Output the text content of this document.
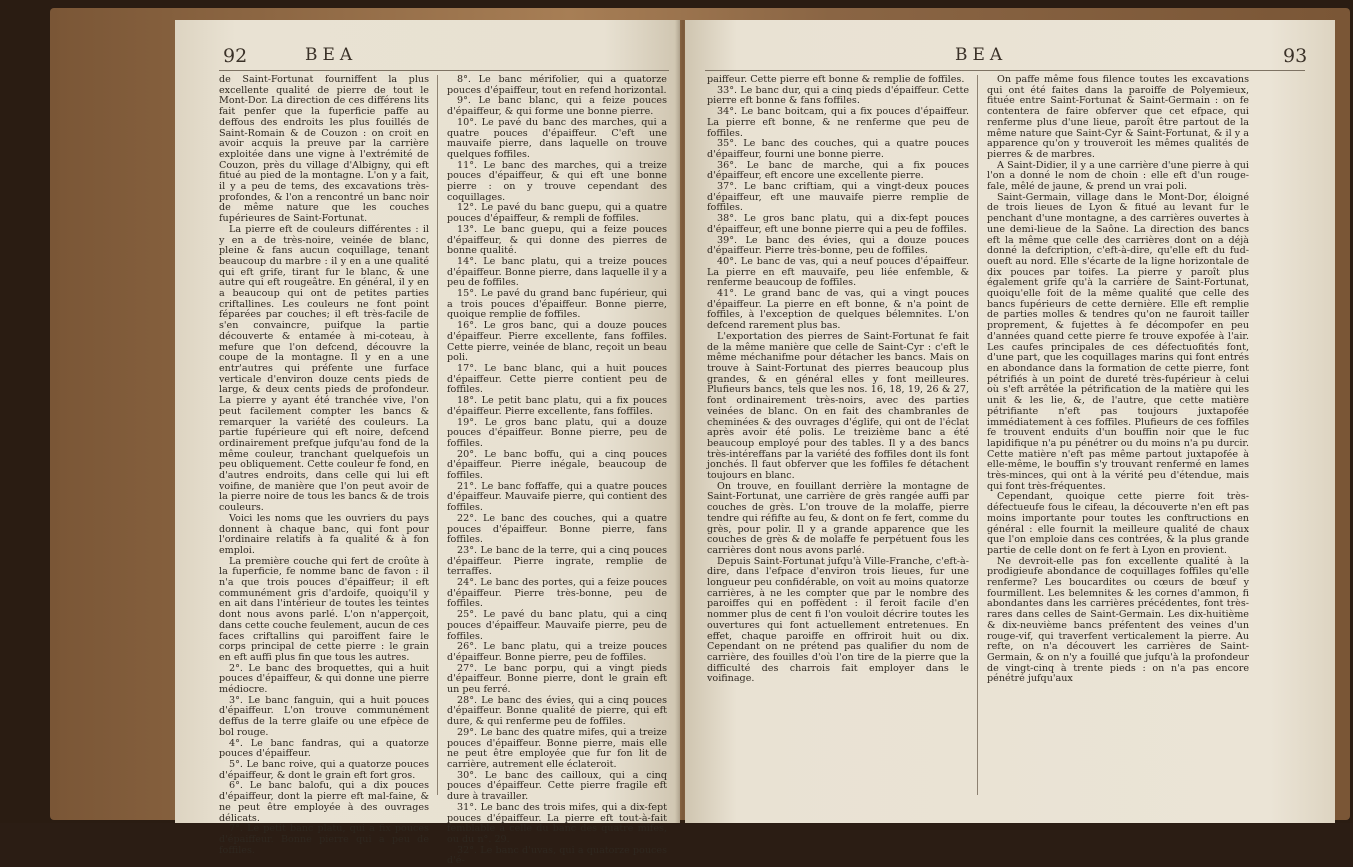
92	BEA

de Saint-Fortunat fourniffent la plus excellente qualité de pierre de tout le Mont-Dor. La direction de ces différens lits fait penfer que la fuperficie paffe au deffous des endroits les plus fouillés de Saint-Romain & de Couzon : on croit en avoir acquis la preuve par la carrière exploitée dans une vigne à l'extrémité de Couzon, près du village d'Albigny, qui eft fitué au pied de la montagne. L'on y a fait, il y a peu de tems, des excavations très-profondes, & l'on a rencontré un banc noir de même nature que les couches fupérieures de Saint-Fortunat.

La pierre eft de couleurs différentes : il y en a de très-noire, veinée de blanc, pleine & fans aucun coquillage, tenant beaucoup du marbre : il y en a une qualité qui eft grife, tirant fur le blanc, & une autre qui eft rougeâtre. En général, il y en a beaucoup qui ont de petites parties criftallines. Les couleurs ne font point féparées par couches; il eft très-facile de s'en convaincre, puifque la partie découverte & entamée à mi-coteau, à mefure que l'on defcend, découvre la coupe de la montagne. Il y en a une entr'autres qui préfente une furface verticale d'environ douze cents pieds de large, & deux cents pieds de profondeur. La pierre y ayant été tranchée vive, l'on peut facilement compter les bancs & remarquer la variété des couleurs. La partie fupérieure qui eft noire, defcend ordinairement prefque jufqu'au fond de la même couleur, tranchant quelquefois un peu obliquement. Cette couleur fe fond, en d'autres endroits, dans celle qui lui eft voifine, de manière que l'on peut avoir de la pierre noire de tous les bancs & de trois couleurs.

Voici les noms que les ouvriers du pays donnent à chaque banc, qui font pour l'ordinaire relatifs à fa qualité & à fon emploi.

La première couche qui fert de croûte à la fuperficie, fe nomme banc de favon : il n'a que trois pouces d'épaiffeur; il eft communément gris d'ardoife, quoiqu'il y en ait dans l'intérieur de toutes les teintes dont nous avons parlé. L'on n'apperçoit, dans cette couche feulement, aucun de ces faces criftallins qui paroiffent faire le corps principal de cette pierre : le grain en eft auffi plus fin que tous les autres.

2°. Le banc des broquettes, qui a huit pouces d'épaiffeur, & qui donne une pierre médiocre.

3°. Le banc fanguin, qui a huit pouces d'épaiffeur. L'on trouve communément deffus de la terre glaife ou une efpèce de bol rouge.

4°. Le banc fandras, qui a quatorze pouces d'épaiffeur.

5°. Le banc roive, qui a quatorze pouces d'épaiffeur, & dont le grain eft fort gros.

6°. Le banc balofu, qui a dix pouces d'épaiffeur, dont la pierre eft mal-faine, & ne peut être employée à des ouvrages délicats.

7°. Le petit banc platu, qui a fix pouces d'épaiffeur. Bonne pierre qui a peu de foffiles.

8°. Le banc mérifolier, qui a quatorze pouces d'épaiffeur, tout en refend horizontal.

9°. Le banc blanc, qui a feize pouces d'épaiffeur, & qui forme une bonne pierre.

10°. Le pavé du banc des marches, qui a quatre pouces d'épaiffeur. C'eft une mauvaife pierre, dans laquelle on trouve quelques foffiles.

11°. Le banc des marches, qui a treize pouces d'épaiffeur, & qui eft une bonne pierre : on y trouve cependant des coquillages.

12°. Le pavé du banc guepu, qui a quatre pouces d'épaiffeur, & rempli de foffiles.

13°. Le banc guepu, qui a feize pouces d'épaiffeur, & qui donne des pierres de bonne qualité.

14°. Le banc platu, qui a treize pouces d'épaiffeur. Bonne pierre, dans laquelle il y a peu de foffiles.

15°. Le pavé du grand banc fupérieur, qui a trois pouces d'épaiffeur. Bonne pierre, quoique remplie de foffiles.

16°. Le gros banc, qui a douze pouces d'épaiffeur. Pierre excellente, fans foffiles. Cette pierre, veinée de blanc, reçoit un beau poli.

17°. Le banc blanc, qui a huit pouces d'épaiffeur. Cette pierre contient peu de foffiles.

18°. Le petit banc platu, qui a fix pouces d'épaiffeur. Pierre excellente, fans foffiles.

19°. Le gros banc platu, qui a douze pouces d'épaiffeur. Bonne pierre, peu de foffiles.

20°. Le banc boffu, qui a cinq pouces d'épaiffeur. Pierre inégale, beaucoup de foffiles.

21°. Le banc foffaffe, qui a quatre pouces d'épaiffeur. Mauvaife pierre, qui contient des foffiles.

22°. Le banc des couches, qui a quatre pouces d'épaiffeur. Bonne pierre, fans foffiles.

23°. Le banc de la terre, qui a cinq pouces d'épaiffeur. Pierre ingrate, remplie de terraffes.

24°. Le banc des portes, qui a feize pouces d'épaiffeur. Pierre très-bonne, peu de foffiles.

25°. Le pavé du banc platu, qui a cinq pouces d'épaiffeur. Mauvaife pierre, peu de foffiles.

26°. Le banc platu, qui a treize pouces d'épaiffeur. Bonne pierre, peu de foffiles.

27°. Le banc porpu, qui a vingt pieds d'épaiffeur. Bonne pierre, dont le grain eft un peu ferré.

28°. Le banc des évies, qui a cinq pouces d'épaiffeur. Bonne qualité de pierre, qui eft dure, & qui renferme peu de foffiles.

29°. Le banc des quatre mifes, qui a treize pouces d'épaiffeur. Bonne pierre, mais elle ne peut être employée que fur fon lit de carrière, autrement elle éclateroit.

30°. Le banc des cailloux, qui a cinq pouces d'épaiffeur. Cette pierre fragile eft dure à travailler.

31°. Le banc des trois mifes, qui a dix-fept pouces d'épaiffeur. La pierre eft tout-à-fait femblable à celle du banc des quatre mifes, ou du n°. 29.

32°. Le banc d'uvas, qui a quatorze pouces d'é-

BEA	93

paiffeur. Cette pierre eft bonne & remplie de foffiles.

33°. Le banc dur, qui a cinq pieds d'épaiffeur. Cette pierre eft bonne & fans foffiles.

34°. Le banc boitcam, qui a fix pouces d'épaiffeur. La pierre eft bonne, & ne renferme que peu de foffiles.

35°. Le banc des couches, qui a quatre pouces d'épaiffeur, fourni une bonne pierre.

36°. Le banc de marche, qui a fix pouces d'épaiffeur, eft encore une excellente pierre.

37°. Le banc criftiam, qui a vingt-deux pouces d'épaiffeur, eft une mauvaife pierre remplie de foffiles.

38°. Le gros banc platu, qui a dix-fept pouces d'épaiffeur, eft une bonne pierre qui a peu de foffiles.

39°. Le banc des évies, qui a douze pouces d'épaiffeur. Pierre très-bonne, peu de foffiles.

40°. Le banc de vas, qui a neuf pouces d'épaiffeur. La pierre en eft mauvaife, peu liée enfemble, & renferme beaucoup de foffiles.

41°. Le grand banc de vas, qui a vingt pouces d'épaiffeur. La pierre en eft bonne, & n'a point de foffiles, à l'exception de quelques bélemnites. L'on defcend rarement plus bas.

L'exportation des pierres de Saint-Fortunat fe fait de la même manière que celle de Saint-Cyr : c'eft le même méchanifme pour détacher les bancs. Mais on trouve à Saint-Fortunat des pierres beaucoup plus grandes, & en général elles y font meilleures. Plufieurs bancs, tels que les nos. 16, 18, 19, 26 & 27, font ordinairement très-noirs, avec des parties veinées de blanc. On en fait des chambranles de cheminées & des ouvrages d'églife, qui ont de l'éclat après avoir été polis. Le treizième banc a été beaucoup employé pour des tables. Il y a des bancs très-intéreffans par la variété des foffiles dont ils font jonchés. Il faut obferver que les foffiles fe détachent toujours en blanc.

On trouve, en fouillant derrière la montagne de Saint-Fortunat, une carrière de grès rangée auffi par couches de grès. L'on trouve de la molaffe, pierre tendre qui réfifte au feu, & dont on fe fert, comme du grès, pour polir. Il y a grande apparence que les couches de grès & de molaffe fe perpétuent fous les carrières dont nous avons parlé.

Depuis Saint-Fortunat jufqu'à Ville-Franche, c'eft-à-dire, dans l'efpace d'environ trois lieues, fur une longueur peu confidérable, on voit au moins quatorze carrières, à ne les compter que par le nombre des paroiffes qui en poffèdent : il feroit facile d'en nommer plus de cent fi l'on vouloit décrire toutes les ouvertures qui font actuellement entretenues. En effet, chaque paroiffe en offriroit huit ou dix. Cependant on ne prétend pas qualifier du nom de carrière, des fouilles d'où l'on tire de la pierre que la difficulté des charrois fait employer dans le voifinage.

On paffe même fous filence toutes les excavations qui ont été faites dans la paroiffe de Polyemieux, fituée entre Saint-Fortunat & Saint-Germain : on fe contentera de faire obferver que cet efpace, qui renferme plus d'une lieue, paroît être partout de la même nature que Saint-Cyr & Saint-Fortunat, & il y a apparence qu'on y trouveroit les mêmes qualités de pierres & de marbres.

A Saint-Didier, il y a une carrière d'une pierre à qui l'on a donné le nom de choin : elle eft d'un rouge-fale, mêlé de jaune, & prend un vrai poli.

Saint-Germain, village dans le Mont-Dor, éloigné de trois lieues de Lyon & fitué au levant fur le penchant d'une montagne, a des carrières ouvertes à une demi-lieue de la Saône. La direction des bancs eft la même que celle des carrières dont on a déjà donné la defcription, c'eft-à-dire, qu'elle eft du fud-oueft au nord. Elle s'écarte de la ligne horizontale de dix pouces par toifes. La pierre y paroît plus également grife qu'à la carrière de Saint-Fortunat, quoiqu'elle foit de la même qualité que celle des bancs fupérieurs de cette dernière. Elle eft remplie de parties molles & tendres qu'on ne fauroit tailler proprement, & fujettes à fe décompofer en peu d'années quand cette pierre fe trouve expofée à l'air. Les caufes principales de ces défectuofités font, d'une part, que les coquillages marins qui font entrés en abondance dans la formation de cette pierre, font pétrifiés à un point de dureté très-fupérieur à celui où s'eft arrêtée la pétrification de la matière qui les unit & les lie, &, de l'autre, que cette matière pétrifiante n'eft pas toujours juxtapofée immédiatement à ces foffiles. Plufieurs de ces foffiles fe trouvent enduits d'un bouffin noir que le fuc lapidifique n'a pu pénétrer ou du moins n'a pu durcir. Cette matière n'eft pas même partout juxtapofée à elle-même, le bouffin s'y trouvant renfermé en lames très-minces, qui ont à la vérité peu d'étendue, mais qui font très-fréquentes.

Cependant, quoique cette pierre foit très-défectueufe fous le cifeau, la découverte n'en eft pas moins importante pour toutes les conftructions en général : elle fournit la meilleure qualité de chaux que l'on emploie dans ces contrées, & la plus grande partie de celle dont on fe fert à Lyon en provient.

Ne devroit-elle pas fon excellente qualité à la prodigieufe abondance de coquillages foffiles qu'elle renferme? Les boucardites ou cœurs de bœuf y fourmillent. Les belemnites & les cornes d'ammon, fi abondantes dans les carrières précédentes, font très-rares dans celles de Saint-Germain. Les dix-huitième & dix-neuvième bancs préfentent des veines d'un rouge-vif, qui traverfent verticalement la pierre. Au refte, on n'a découvert les carrières de Saint-Germain, & on n'y a fouillé que jufqu'à la profondeur de vingt-cinq à trente pieds : on n'a pas encore pénétré jufqu'aux
